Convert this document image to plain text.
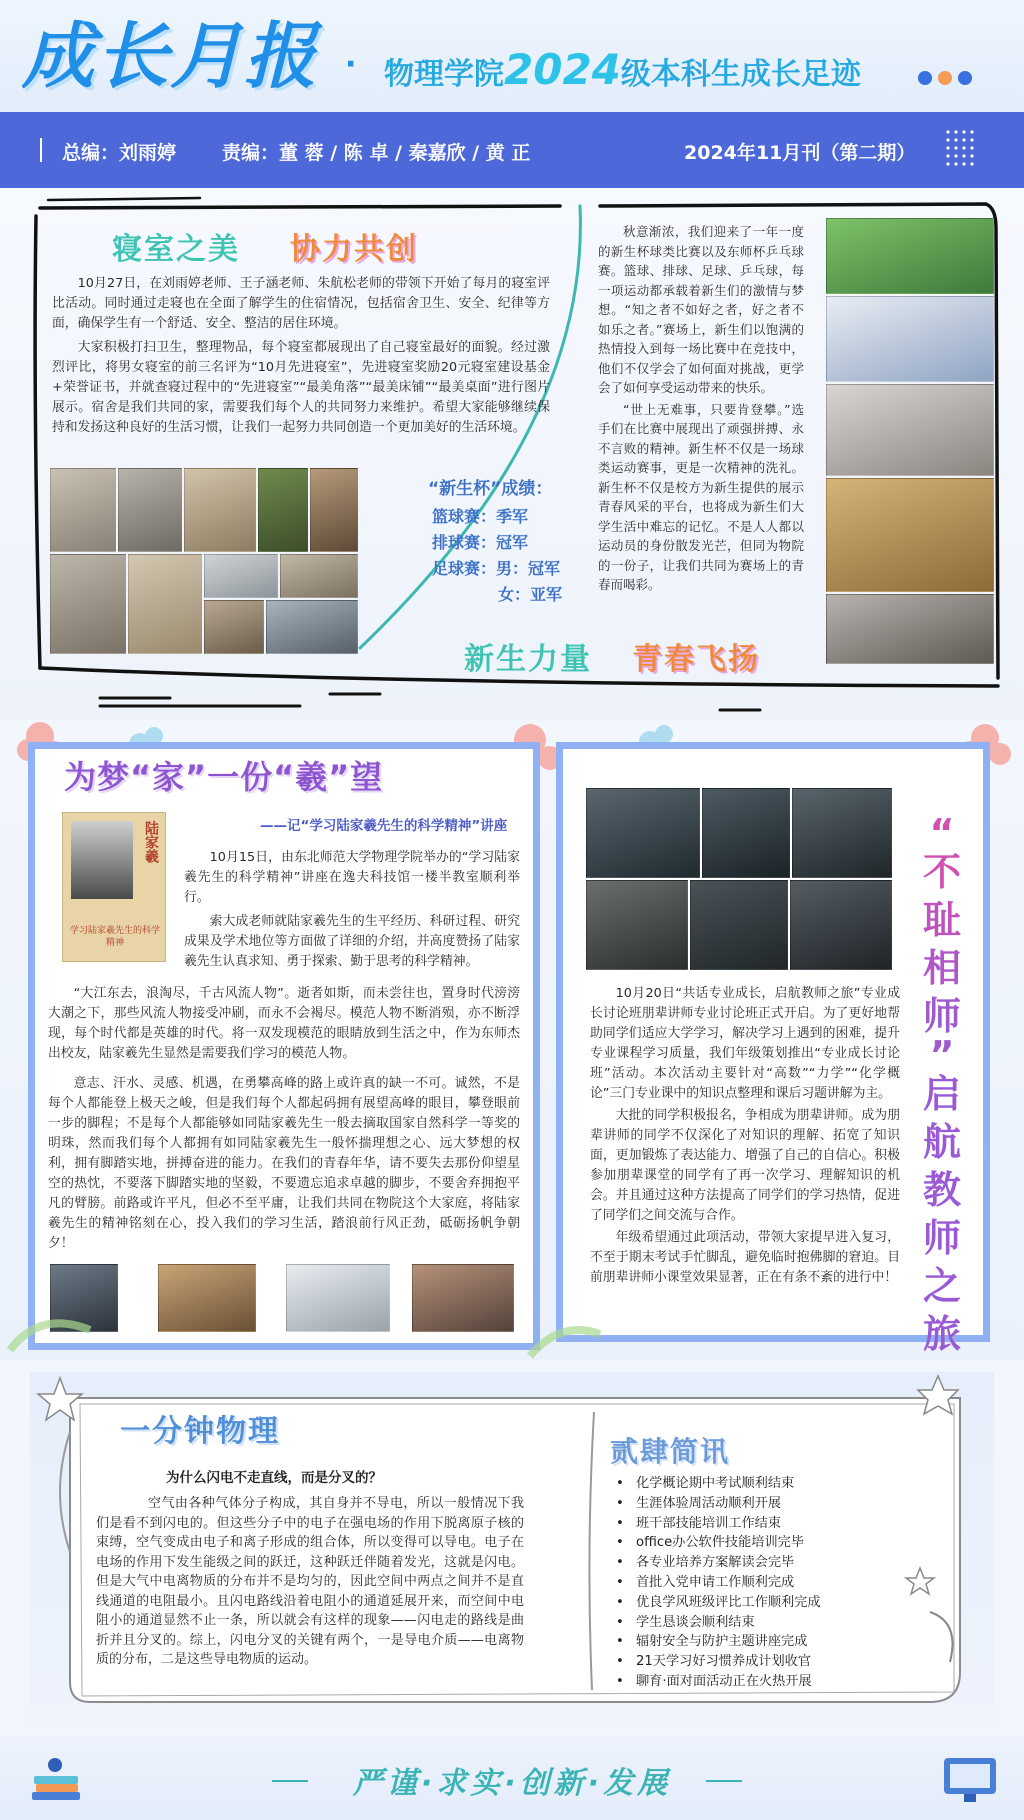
成长月报 · 物理学院2024级本科生成长足迹
总编：刘雨婷 责编：董 蓉 / 陈 卓 / 秦嘉欣 / 黄 正	2024年11月刊（第二期）
寝室之美 协力共创

10月27日，在刘雨婷老师、王子涵老师、朱航松老师的带领下开始了每月的寝室评比活动。同时通过走寝也在全面了解学生的住宿情况，包括宿舍卫生、安全、纪律等方面，确保学生有一个舒适、安全、整洁的居住环境。

大家积极打扫卫生，整理物品，每个寝室都展现出了自己寝室最好的面貌。经过激烈评比，将男女寝室的前三名评为“10月先进寝室”，先进寝室奖励20元寝室建设基金+荣誉证书，并就查寝过程中的“先进寝室”“最美角落”“最美床铺”“最美桌面”进行图片展示。宿舍是我们共同的家，需要我们每个人的共同努力来维护。希望大家能够继续保持和发扬这种良好的生活习惯，让我们一起努力共同创造一个更加美好的生活环境。

“新生杯”成绩：
篮球赛：季军
排球赛：冠军
足球赛：男：冠军
女：亚军

秋意渐浓，我们迎来了一年一度的新生杯球类比赛以及东师杯乒乓球赛。篮球、排球、足球、乒乓球，每一项运动都承载着新生们的激情与梦想。“知之者不如好之者，好之者不如乐之者。”赛场上，新生们以饱满的热情投入到每一场比赛中在竞技中，他们不仅学会了如何面对挑战，更学会了如何享受运动带来的快乐。

“世上无难事，只要肯登攀。”选手们在比赛中展现出了顽强拼搏、永不言败的精神。新生杯不仅是一场球类运动赛事，更是一次精神的洗礼。新生杯不仅是校方为新生提供的展示青春风采的平台，也将成为新生们大学生活中难忘的记忆。不是人人都以运动员的身份散发光芒，但同为物院的一份子，让我们共同为赛场上的青春而喝彩。

新生力量 青春飞扬
为梦“家”一份“羲”望
——记“学习陆家羲先生的科学精神”讲座
陆家羲
学习陆家羲先生的科学精神

10月15日，由东北师范大学物理学院举办的“学习陆家羲先生的科学精神”讲座在逸夫科技馆一楼半教室顺利举行。

索大成老师就陆家羲先生的生平经历、科研过程、研究成果及学术地位等方面做了详细的介绍，并高度赞扬了陆家羲先生认真求知、勇于探索、勤于思考的科学精神。

“大江东去，浪淘尽，千古风流人物”。逝者如斯，而未尝往也，置身时代滂滂大潮之下，那些风流人物接受冲刷，而永不会褐尽。模范人物不断消殒，亦不断浮现，每个时代都是英雄的时代。将一双发现模范的眼睛放到生活之中，作为东师杰出校友，陆家羲先生显然是需要我们学习的模范人物。

意志、汗水、灵感、机遇，在勇攀高峰的路上或许真的缺一不可。诚然，不是每个人都能登上极天之峻，但是我们每个人都起码拥有展望高峰的眼目，攀登眼前一步的脚程；不是每个人都能够如同陆家羲先生一般去摘取国家自然科学一等奖的明珠，然而我们每个人都拥有如同陆家羲先生一般怀揣理想之心、远大梦想的权利，拥有脚踏实地，拼搏奋进的能力。在我们的青春年华，请不要失去那份仰望星空的热忱，不要落下脚踏实地的坚毅，不要遗忘追求卓越的脚步，不要舍弃拥抱平凡的臂膀。前路或许平凡，但必不至平庸，让我们共同在物院这个大家庭，将陆家羲先生的精神铭刻在心，投入我们的学习生活，踏浪前行风正劲，砥砺扬帆争朝夕！

10月20日“共话专业成长，启航教师之旅”专业成长讨论班朋辈讲师专业讨论班正式开启。为了更好地帮助同学们适应大学学习，解决学习上遇到的困难，提升专业课程学习质量，我们年级策划推出“专业成长讨论班”活动。本次活动主要针对“高数”“力学”“化学概论”三门专业课中的知识点整理和课后习题讲解为主。

大批的同学积极报名，争相成为朋辈讲师。成为朋辈讲师的同学不仅深化了对知识的理解、拓宽了知识面，更加锻炼了表达能力、增强了自己的自信心。积极参加朋辈课堂的同学有了再一次学习、理解知识的机会。并且通过这种方法提高了同学们的学习热情，促进了同学们之间交流与合作。

年级希望通过此项活动，带领大家提早进入复习，不至于期末考试手忙脚乱，避免临时抱佛脚的窘迫。目前朋辈讲师小课堂效果显著，正在有条不紊的进行中！

“
不
耻
相
师
”
启
航
教
师
之
旅
一分钟物理
为什么闪电不走直线，而是分叉的？
空气由各种气体分子构成，其自身并不导电，所以一般情况下我们是看不到闪电的。但这些分子中的电子在强电场的作用下脱离原子核的束缚，空气变成由电子和离子形成的组合体，所以变得可以导电。电子在电场的作用下发生能级之间的跃迁，这种跃迁伴随着发光，这就是闪电。但是大气中电离物质的分布并不是均匀的，因此空间中两点之间并不是直线通道的电阻最小。且闪电路线沿着电阻小的通道延展开来，而空间中电阻小的通道显然不止一条，所以就会有这样的现象——闪电走的路线是曲折并且分叉的。综上，闪电分叉的关键有两个，一是导电介质——电离物质的分布，二是这些导电物质的运动。
贰肆简讯
• 化学概论期中考试顺利结束
• 生涯体验周活动顺利开展
• 班干部技能培训工作结束
• office办公软件技能培训完毕
• 各专业培养方案解读会完毕
• 首批入党申请工作顺利完成
• 优良学风班级评比工作顺利完成
• 学生恳谈会顺利结束
• 辐射安全与防护主题讲座完成
• 21天学习好习惯养成计划收官
• 聊育·面对面活动正在火热开展
严谨·求实·创新·发展
